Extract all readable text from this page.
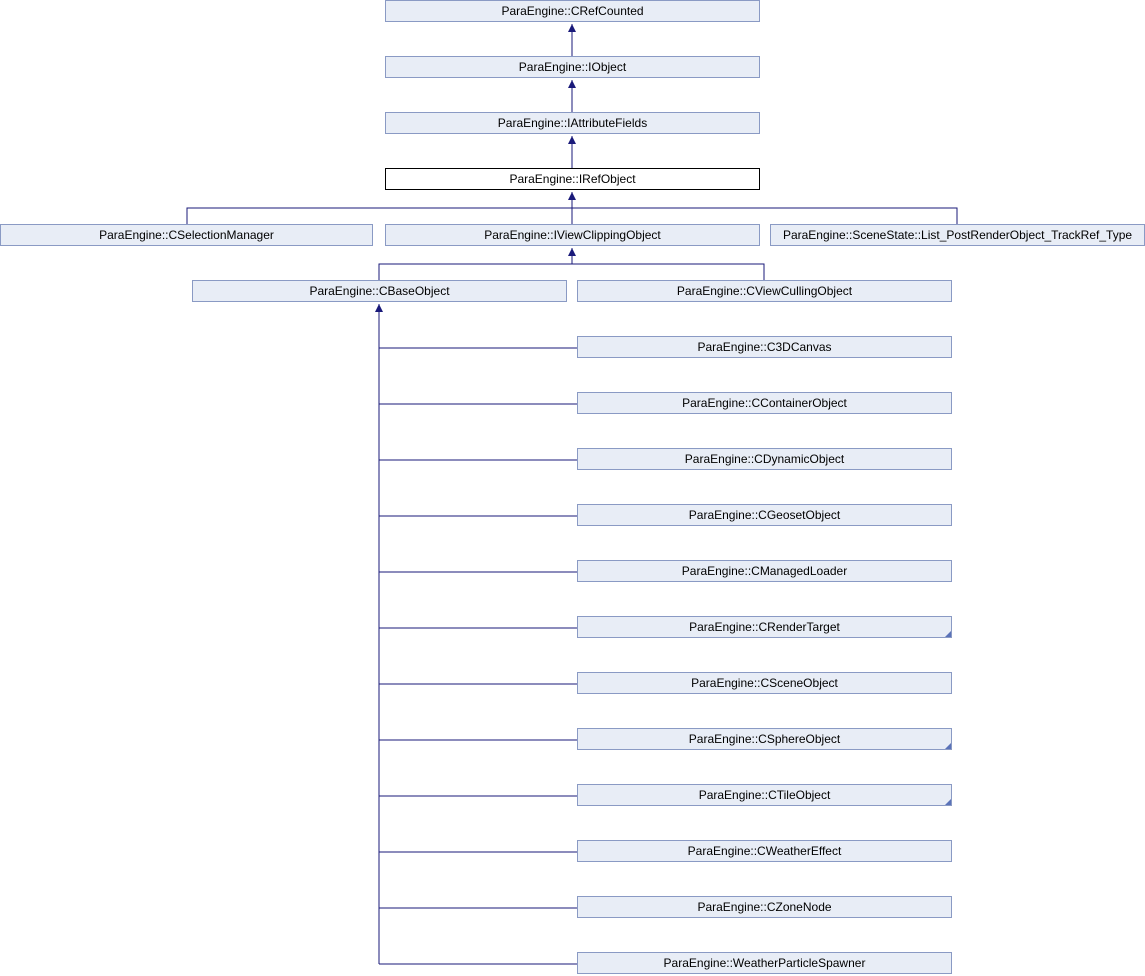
ParaEngine::CRefCounted
ParaEngine::IObject
ParaEngine::IAttributeFields
ParaEngine::IRefObject
ParaEngine::CSelectionManager	ParaEngine::IViewClippingObject	ParaEngine::SceneState::List_PostRenderObject_TrackRef_Type
ParaEngine::CBaseObject	ParaEngine::CViewCullingObject
ParaEngine::C3DCanvas
ParaEngine::CContainerObject
ParaEngine::CDynamicObject
ParaEngine::CGeosetObject
ParaEngine::CManagedLoader
ParaEngine::CRenderTarget
ParaEngine::CSceneObject
ParaEngine::CSphereObject
ParaEngine::CTileObject
ParaEngine::CWeatherEffect
ParaEngine::CZoneNode
ParaEngine::WeatherParticleSpawner
